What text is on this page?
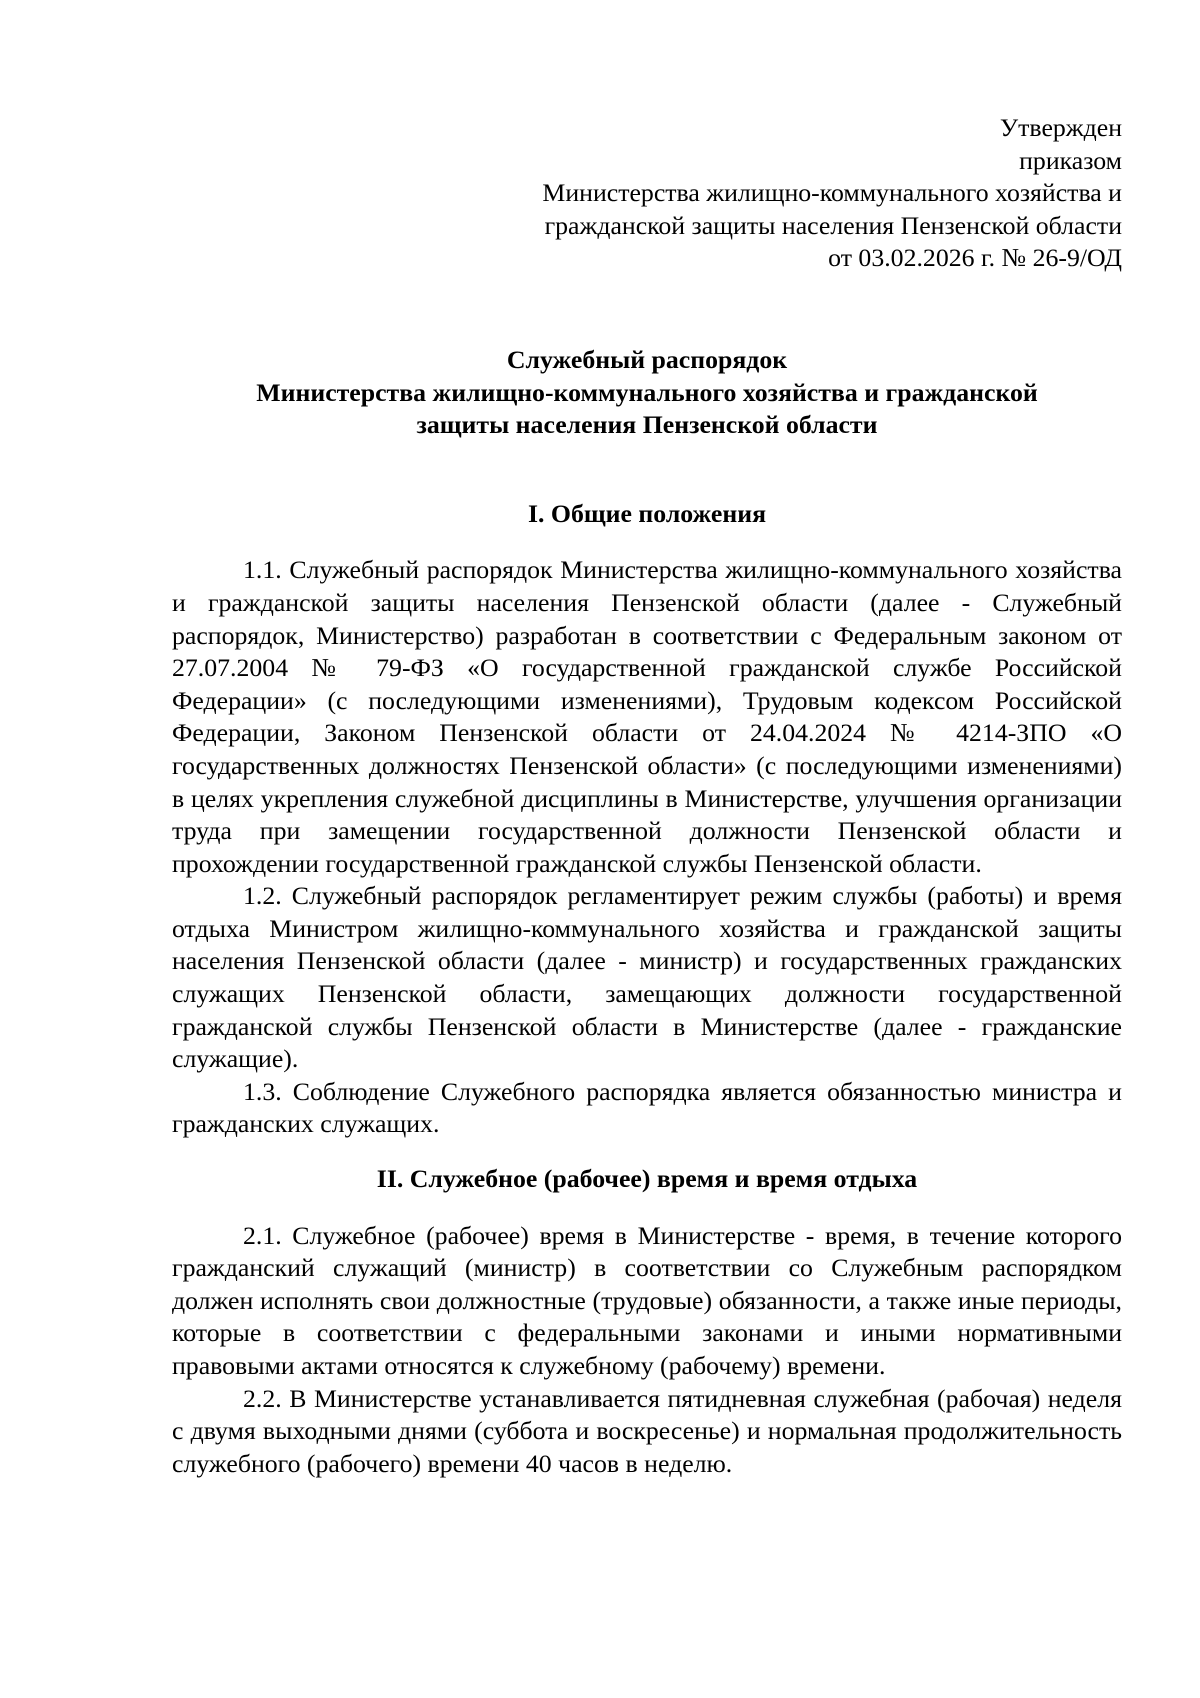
Утвержден
приказом
Министерства жилищно-коммунального хозяйства и
гражданской защиты населения Пензенской области
от 03.02.2026 г. № 26-9/ОД
Служебный распорядок
Министерства жилищно-коммунального хозяйства и гражданской
защиты населения Пензенской области
I. Общие положения

1.1. Служебный распорядок Министерства жилищно-коммунального хозяйства и гражданской защиты населения Пензенской области (далее - Служебный распорядок, Министерство) разработан в соответствии с Федеральным законом от 27.07.2004 № 79-ФЗ «О государственной гражданской службе Российской Федерации» (с последующими изменениями), Трудовым кодексом Российской Федерации, Законом Пензенской области от 24.04.2024 № 4214-ЗПО «О государственных должностях Пензенской области» (с последующими изменениями) в целях укрепления служебной дисциплины в Министерстве, улучшения организации труда при замещении государственной должности Пензенской области и прохождении государственной гражданской службы Пензенской области.

1.2. Служебный распорядок регламентирует режим службы (работы) и время отдыха Министром жилищно-коммунального хозяйства и гражданской защиты населения Пензенской области (далее - министр) и государственных гражданских служащих Пензенской области, замещающих должности государственной гражданской службы Пензенской области в Министерстве (далее - гражданские служащие).

1.3. Соблюдение Служебного распорядка является обязанностью министра и гражданских служащих.

II. Служебное (рабочее) время и время отдыха

2.1. Служебное (рабочее) время в Министерстве - время, в течение которого гражданский служащий (министр) в соответствии со Служебным распорядком должен исполнять свои должностные (трудовые) обязанности, а также иные периоды, которые в соответствии с федеральными законами и иными нормативными правовыми актами относятся к служебному (рабочему) времени.

2.2. В Министерстве устанавливается пятидневная служебная (рабочая) неделя с двумя выходными днями (суббота и воскресенье) и нормальная продолжительность служебного (рабочего) времени 40 часов в неделю.
